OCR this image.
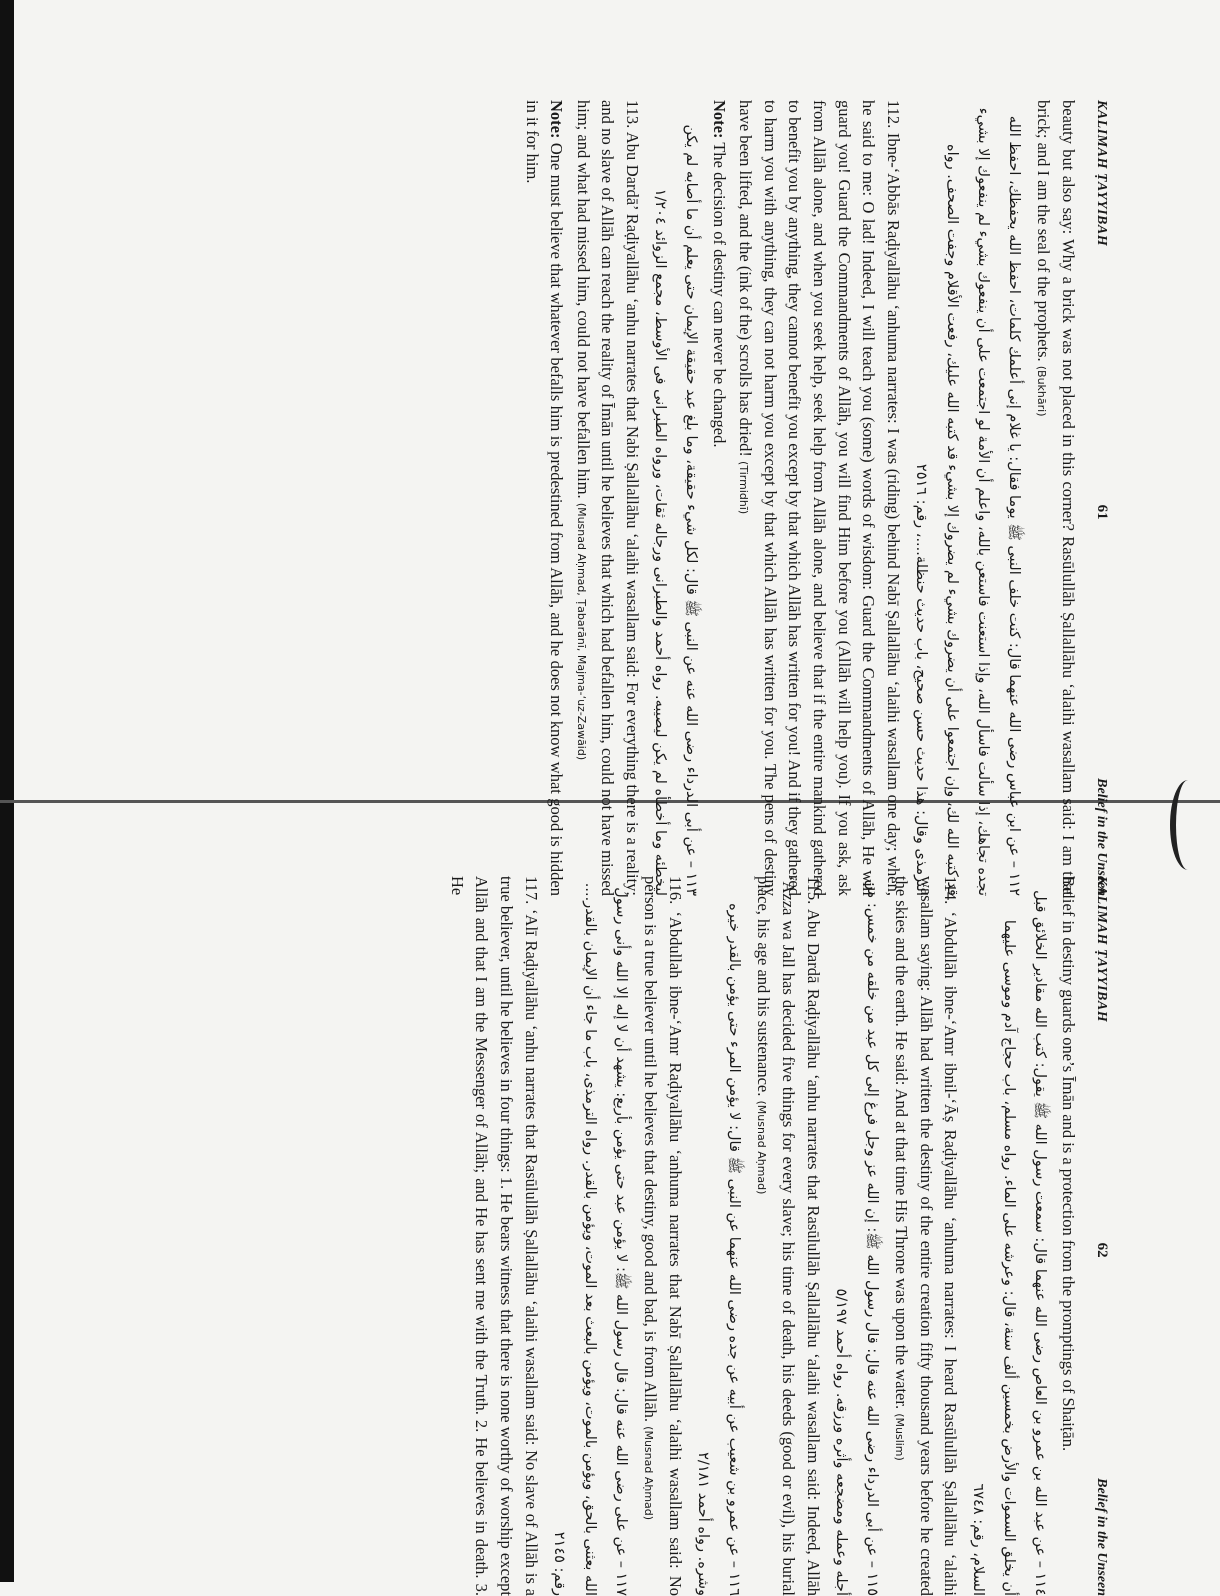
KALIMAH ṬAYYIBAH
61
Belief in the Unseen

beauty but also say: Why a brick was not placed in this corner? Rasūlullāh Ṣallallāhu ‘alaihi wasallam said: I am that brick; and I am the seal of the prophets. (Bukhāri)

١١٢ – عن ابن عباس رضى الله عنهما قال: كنت خلف النبى ﷺ يوما فقال: يا غلام إنى أعلمك كلمات، احفظ الله يحفظك، احفظ الله تجده تجاهك، إذا سألت فاسأل الله، وإذا استعنت فاستعن بالله، واعلم أن الأمة لو اجتمعت على أن ينفعوك بشيء لم ينفعوك إلا بشيء قد كتبه الله لك، وإن اجتمعوا على أن يضروك بشيء لم يضروك إلا بشيء قد كتبه الله عليك، رفعت الأقلام وجفت الصحف. رواه الترمذى وقال: هذا حديث حسن صحيح، باب حديث حنظلة....، رقم: ٢٥١٦

112. Ibne-‘Abbās Raḍiyallāhu ‘anhuma narrates: I was (riding) behind Nabī Ṣallallāhu ‘alaihi wasallam one day; when, he said to me: O lad! Indeed, I will teach you (some) words of wisdom: Guard the Commandments of Allāh, He will guard you! Guard the Commandments of Allāh, you will find Him before you (Allāh will help you). If you ask, ask from Allāh alone, and when you seek help, seek help from Allāh alone, and believe that if the entire mankind gathered to benefit you by anything, they cannot benefit you except by that which Allāh has written for you! And if they gathered to harm you with anything, they can not harm you except by that which Allāh has written for you. The pens of destiny have been lifted, and the (ink of the) scrolls has dried! (Tirmidhī)

Note: The decision of destiny can never be changed.

١١٣ – عن أبى الدرداء رضى الله عنه عن النبى ﷺ قال: لكل شيء حقيقة، وما بلغ عبد حقيقة الإيمان حتى يعلم أن ما أصابه لم يكن ليخطئه وما أخطأه لم يكن ليصيبه. رواه أحمد والطبرانى ورجاله ثقات، ورواه الطبرانى فى الأوسط، مجمع الزوائد ١/٢٠٤

113. Abu Dardā’ Raḍiyallāhu ‘anhu narrates that Nabi Ṣallallāhu ‘alaihi wasallam said: For everything there is a reality; and no slave of Allāh can reach the reality of Īmān until he believes that which had befallen him, could not have missed him; and what had missed him, could not have befallen him. (Musnad Aḥmad, Ṭabarānī, Majma-‘uz-Zawāid)

Note: One must believe that whatever befalls him is predestined from Allāh, and he does not know what good is hidden in it for him.

KALIMAH ṬAYYIBAH
62
Belief in the Unseen

Belief in destiny guards one’s Īmān and is a protection from the promptings of Shaiṭān.

١١٤ – عن عبد الله بن عمرو بن العاص رضى الله عنهما قال: سمعت رسول الله ﷺ يقول: كتب الله مقادير الخلائق قبل أن يخلق السموات والأرض بخمسين ألف سنة، قال: وعرشه على الماء. رواه مسلم، باب حجاج آدم وموسى عليهما السلام، رقم: ٦٧٤٨

114. ‘Abdullāh ibne-‘Amr ibnil-‘Āṣ Raḍiyallāhu ‘anhuma narrates: I heard Rasūlullāh Ṣallallāhu ‘alaihi wasallam saying: Allāh had written the destiny of the entire creation fifty thousand years before he created the skies and the earth. He said: And at that time His Throne was upon the water. (Muslim)

١١٥ – عن أبى الدرداء رضى الله عنه قال: قال رسول الله ﷺ: إن الله عز وجل فرغ إلى كل عبد من خلقه من خمس: من أجله وعمله ومضجعه وأثره ورزقه. رواه أحمد ٥/١٩٧

115. Abu Dardā Raḍiyallāhu ‘anhu narrates that Rasūlullāh Ṣallallāhu ‘alaihi wasallam said: Indeed, Allāh ‘Azza wa Jall has decided five things for every slave; his time of death, his deeds (good or evil), his burial place, his age and his sustenance. (Musnad Aḥmad)

١١٦ – عن عمرو بن شعيب عن أبيه عن جده رضى الله عنهما عن النبى ﷺ قال: لا يؤمن المرء حتى يؤمن بالقدر خيره وشره. رواه أحمد ٢/١٨١

116. ‘Abdullah ibne-‘Amr Raḍiyallāhu ‘anhuma narrates that Nabī Ṣallallāhu ‘alaihi wasallam said: No person is a true believer until he believes that destiny, good and bad, is from Allāh. (Musnad Aḥmad)

١١٧ – عن على رضى الله عنه قال: قال رسول الله ﷺ: لا يؤمن عبد حتى يؤمن بأربع: يشهد أن لا إله إلا الله وأنى رسول الله بعثنى بالحق، ويؤمن بالموت، ويؤمن بالبعث بعد الموت، ويؤمن بالقدر. رواه الترمذى، باب ما جاء أن الإيمان بالقدر.... رقم: ٢١٤٥

117. ‘Alī Raḍiyallāhu ‘anhu narrates that Rasūlullāh Ṣallallāhu ‘alaihi wasallam said: No slave of Allāh is a true believer, until he believes in four things: 1. He bears witness that there is none worthy of worship except Allāh and that I am the Messenger of Allāh; and He has sent me with the Truth. 2. He believes in death. 3. He
